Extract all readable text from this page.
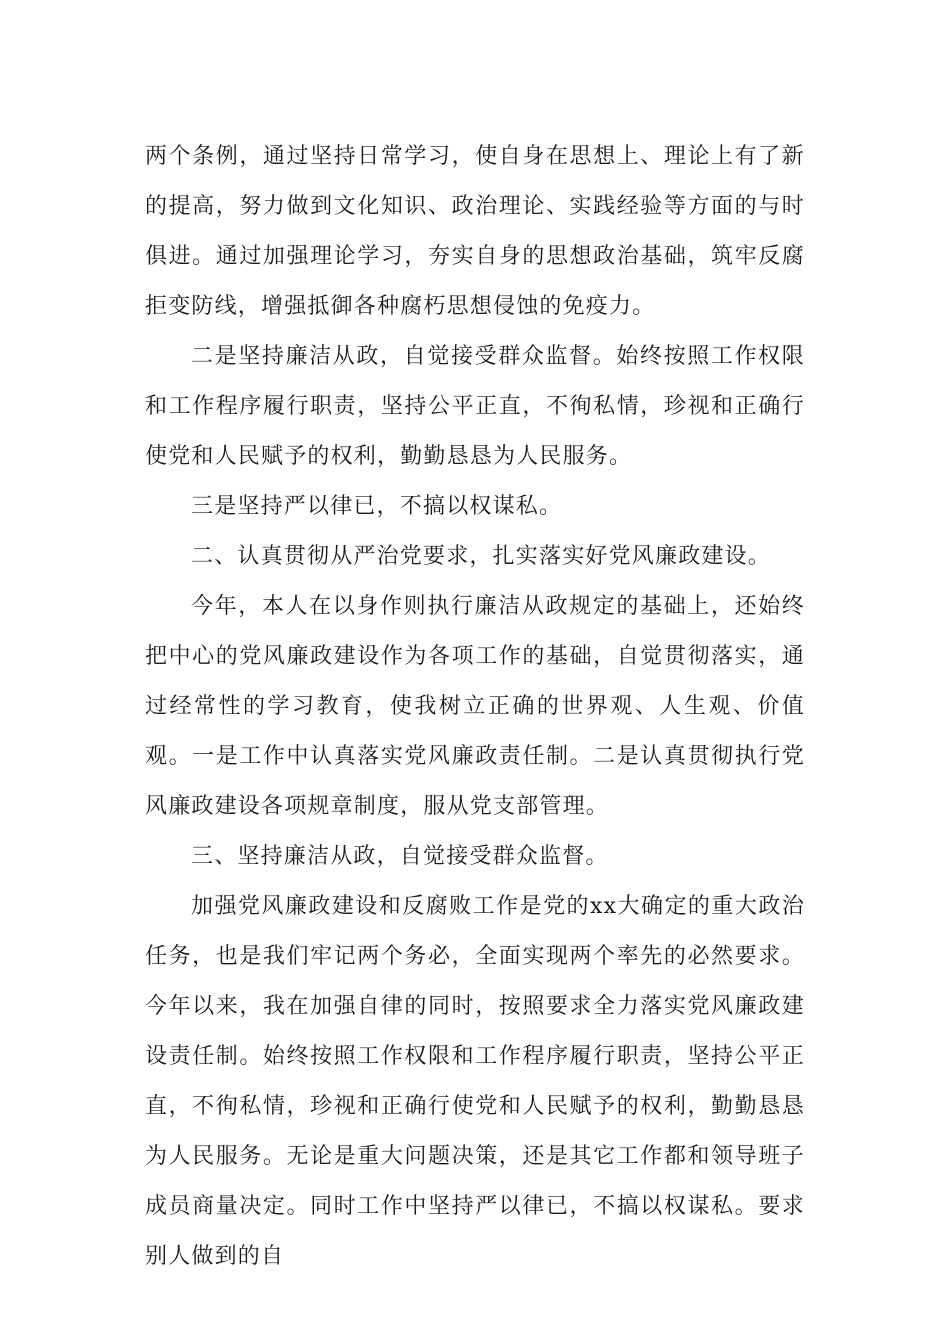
两个条例，通过坚持日常学习，使自身在思想上、理论上有了新的提高，努力做到文化知识、政治理论、实践经验等方面的与时俱进。通过加强理论学习，夯实自身的思想政治基础，筑牢反腐拒变防线，增强抵御各种腐朽思想侵蚀的免疫力。

二是坚持廉洁从政，自觉接受群众监督。始终按照工作权限和工作程序履行职责，坚持公平正直，不徇私情，珍视和正确行使党和人民赋予的权利，勤勤恳恳为人民服务。

三是坚持严以律已，不搞以权谋私。

二、认真贯彻从严治党要求，扎实落实好党风廉政建设。

今年，本人在以身作则执行廉洁从政规定的基础上，还始终把中心的党风廉政建设作为各项工作的基础，自觉贯彻落实，通过经常性的学习教育，使我树立正确的世界观、人生观、价值观。一是工作中认真落实党风廉政责任制。二是认真贯彻执行党风廉政建设各项规章制度，服从党支部管理。

三、坚持廉洁从政，自觉接受群众监督。

加强党风廉政建设和反腐败工作是党的xx大确定的重大政治任务，也是我们牢记两个务必，全面实现两个率先的必然要求。今年以来，我在加强自律的同时，按照要求全力落实党风廉政建设责任制。始终按照工作权限和工作程序履行职责，坚持公平正直，不徇私情，珍视和正确行使党和人民赋予的权利，勤勤恳恳为人民服务。无论是重大问题决策，还是其它工作都和领导班子成员商量决定。同时工作中坚持严以律已，不搞以权谋私。要求别人做到的自
